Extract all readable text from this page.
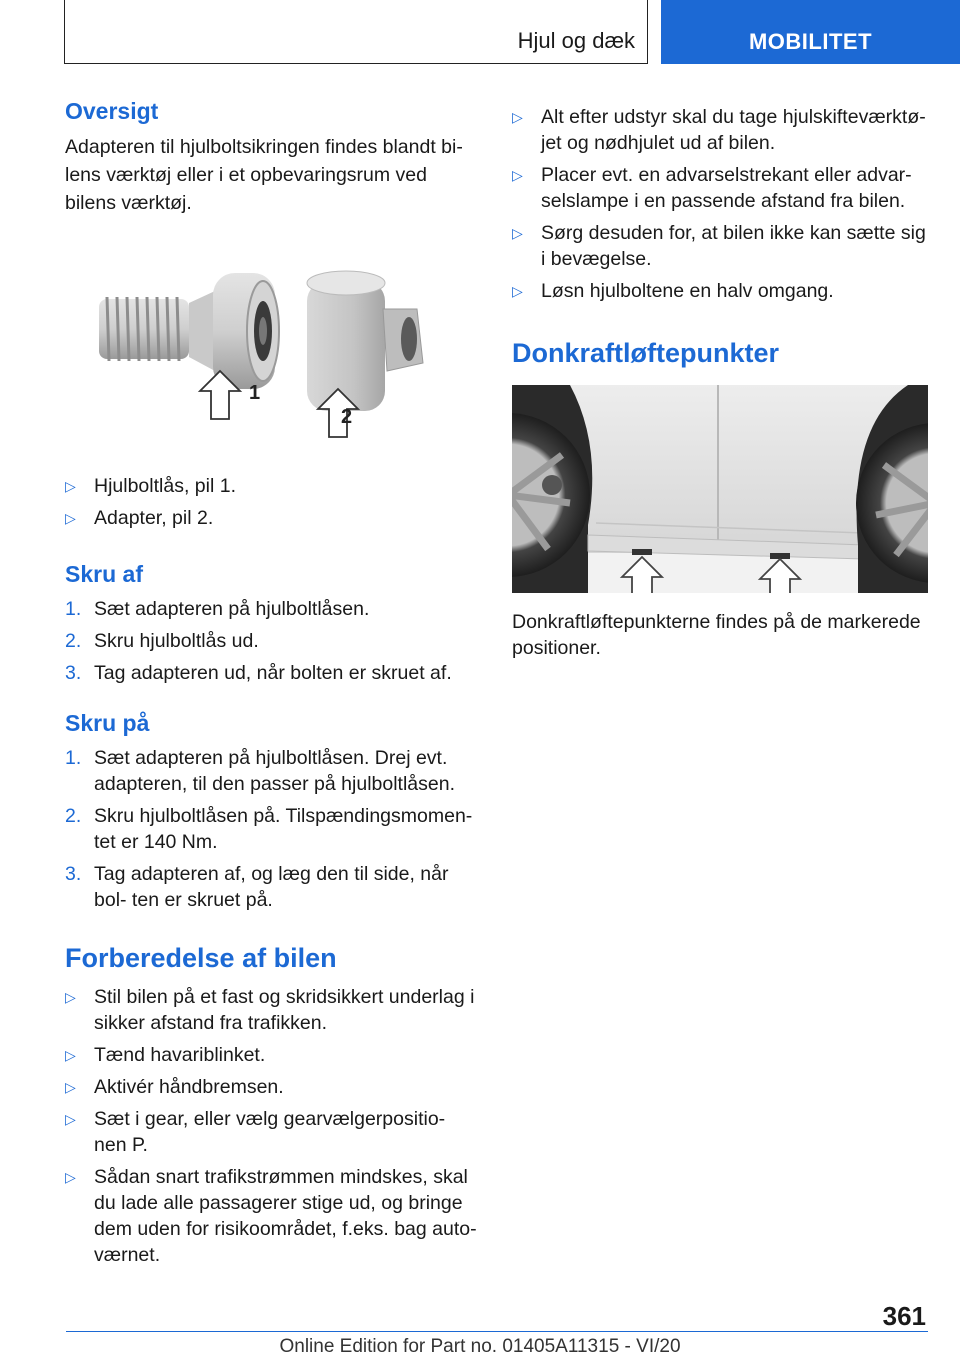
Hjul og dæk	MOBILITET
Oversigt

Adapteren til hjulboltsikringen findes blandt bi- lens værktøj eller i et opbevaringsrum ved bilens værktøj.

1
2
▷ Hjulboltlås, pil 1.
▷ Adapter, pil 2.
Skru af
1. Sæt adapteren på hjulboltlåsen.
2. Skru hjulboltlås ud.
3. Tag adapteren ud, når bolten er skruet af.
Skru på
1. Sæt adapteren på hjulboltlåsen. Drej evt. adapteren, til den passer på hjulboltlåsen.
2. Skru hjulboltlåsen på. Tilspændingsmomen- tet er 140 Nm.
3. Tag adapteren af, og læg den til side, når bol- ten er skruet på.
Forberedelse af bilen
▷ Stil bilen på et fast og skridsikkert underlag i sikker afstand fra trafikken.
▷ Tænd havariblinket.
▷ Aktivér håndbremsen.
▷ Sæt i gear, eller vælg gearvælgerpositio- nen P.
▷ Sådan snart trafikstrømmen mindskes, skal du lade alle passagerer stige ud, og bringe dem uden for risikoområdet, f.eks. bag auto- værnet.
▷ Alt efter udstyr skal du tage hjulskifteværktø- jet og nødhjulet ud af bilen.
▷ Placer evt. en advarselstrekant eller advar- selslampe i en passende afstand fra bilen.
▷ Sørg desuden for, at bilen ikke kan sætte sig i bevægelse.
▷ Løsn hjulboltene en halv omgang.
Donkraftløftepunkter

Donkraftløftepunkterne findes på de markerede positioner.

361
Online Edition for Part no. 01405A11315 - VI/20
